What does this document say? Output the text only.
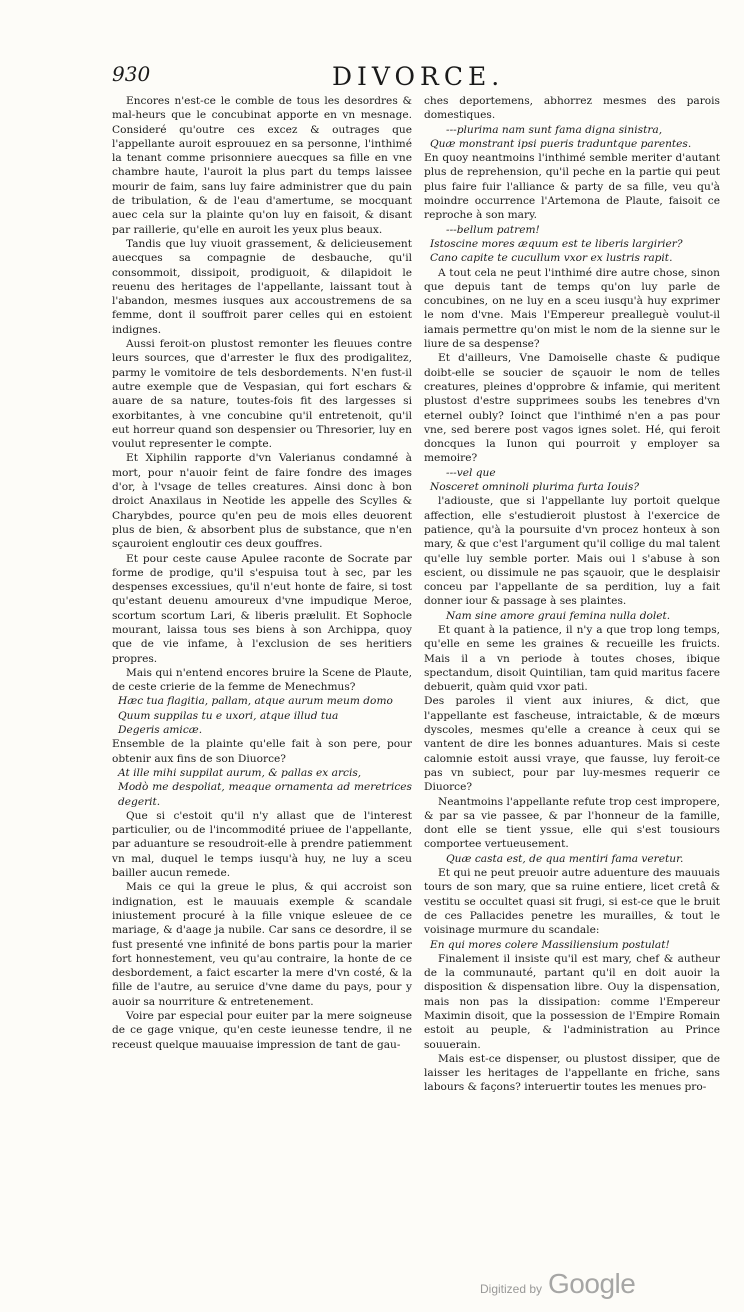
930	DIVORCE.

Encores n'est-ce le comble de tous les desordres & mal-heurs que le concubinat apporte en vn mesnage. Consideré qu'outre ces excez & outrages que l'appellante auroit esprouuez en sa personne, l'inthimé la tenant comme prisonniere auecques sa fille en vne chambre haute, l'auroit la plus part du temps laissee mourir de faim, sans luy faire administrer que du pain de tribulation, & de l'eau d'amertume, se mocquant auec cela sur la plainte qu'on luy en faisoit, & disant par raillerie, qu'elle en auroit les yeux plus beaux.

Tandis que luy viuoit grassement, & delicieusement auecques sa compagnie de desbauche, qu'il consommoit, dissipoit, prodiguoit, & dilapidoit le reuenu des heritages de l'appellante, laissant tout à l'abandon, mesmes iusques aux accoustremens de sa femme, dont il souffroit parer celles qui en estoient indignes.

Aussi feroit-on plustost remonter les fleuues contre leurs sources, que d'arrester le flux des prodigalitez, parmy le vomitoire de tels desbordements. N'en fust-il autre exemple que de Vespasian, qui fort eschars & auare de sa nature, toutes-fois fit des largesses si exorbitantes, à vne concubine qu'il entretenoit, qu'il eut horreur quand son despensier ou Thresorier, luy en voulut representer le compte.

Et Xiphilin rapporte d'vn Valerianus condamné à mort, pour n'auoir feint de faire fondre des images d'or, à l'vsage de telles creatures. Ainsi donc à bon droict Anaxilaus in Neotide les appelle des Scylles & Charybdes, pource qu'en peu de mois elles deuorent plus de bien, & absorbent plus de substance, que n'en sçauroient engloutir ces deux gouffres.

Et pour ceste cause Apulee raconte de Socrate par forme de prodige, qu'il s'espuisa tout à sec, par les despenses excessiues, qu'il n'eut honte de faire, si tost qu'estant deuenu amoureux d'vne impudique Meroe, scortum scortum Lari, & liberis prælulit. Et Sophocle mourant, laissa tous ses biens à son Archippa, quoy que de vie infame, à l'exclusion de ses heritiers propres.

Mais qui n'entend encores bruire la Scene de Plaute, de ceste crierie de la femme de Menechmus?

Hæc tua flagitia, pallam, atque aurum meum domo

Quum suppilas tu e uxori, atque illud tua

Degeris amicæ.

Ensemble de la plainte qu'elle fait à son pere, pour obtenir aux fins de son Diuorce?

At ille mihi suppilat aurum, & pallas ex arcis,

Modò me despoliat, meaque ornamenta ad meretrices degerit.

Que si c'estoit qu'il n'y allast que de l'interest particulier, ou de l'incommodité priuee de l'appellante, par aduanture se resoudroit-elle à prendre patiemment vn mal, duquel le temps iusqu'à huy, ne luy a sceu bailler aucun remede.

Mais ce qui la greue le plus, & qui accroist son indignation, est le mauuais exemple & scandale iniustement procuré à la fille vnique esleuee de ce mariage, & d'aage ja nubile. Car sans ce desordre, il se fust presenté vne infinité de bons partis pour la marier fort honnestement, veu qu'au contraire, la honte de ce desbordement, a faict escarter la mere d'vn costé, & la fille de l'autre, au seruice d'vne dame du pays, pour y auoir sa nourriture & entretenement.

Voire par especial pour euiter par la mere soigneuse de ce gage vnique, qu'en ceste ieunesse tendre, il ne receust quelque mauuaise impression de tant de gau-

ches deportemens, abhorrez mesmes des parois domestiques.

---plurima nam sunt fama digna sinistra,

Quæ monstrant ipsi pueris traduntque parentes.

En quoy neantmoins l'inthimé semble meriter d'autant plus de reprehension, qu'il peche en la partie qui peut plus faire fuir l'alliance & party de sa fille, veu qu'à moindre occurrence l'Artemona de Plaute, faisoit ce reproche à son mary.

---bellum patrem!

Istoscine mores æquum est te liberis largirier?

Cano capite te cucullum vxor ex lustris rapit.

A tout cela ne peut l'inthimé dire autre chose, sinon que depuis tant de temps qu'on luy parle de concubines, on ne luy en a sceu iusqu'à huy exprimer le nom d'vne. Mais l'Empereur prealleguè voulut-il iamais permettre qu'on mist le nom de la sienne sur le liure de sa despense?

Et d'ailleurs, Vne Damoiselle chaste & pudique doibt-elle se soucier de sçauoir le nom de telles creatures, pleines d'opprobre & infamie, qui meritent plustost d'estre supprimees soubs les tenebres d'vn eternel oubly? Ioinct que l'inthimé n'en a pas pour vne, sed berere post vagos ignes solet. Hé, qui feroit doncques la Iunon qui pourroit y employer sa memoire?

---vel que

Nosceret omninoli plurima furta Iouis?

l'adiouste, que si l'appellante luy portoit quelque affection, elle s'estudieroit plustost à l'exercice de patience, qu'à la poursuite d'vn procez honteux à son mary, & que c'est l'argument qu'il collige du mal talent qu'elle luy semble porter. Mais oui l s'abuse à son escient, ou dissimule ne pas sçauoir, que le desplaisir conceu par l'appellante de sa perdition, luy a fait donner iour & passage à ses plaintes.

Nam sine amore graui femina nulla dolet.

Et quant à la patience, il n'y a que trop long temps, qu'elle en seme les graines & recueille les fruicts. Mais il a vn periode à toutes choses, ibique spectandum, disoit Quintilian, tam quid maritus facere debuerit, quàm quid vxor pati.

Des paroles il vient aux iniures, & dict, que l'appellante est fascheuse, intraictable, & de mœurs dyscoles, mesmes qu'elle a creance à ceux qui se vantent de dire les bonnes aduantures. Mais si ceste calomnie estoit aussi vraye, que fausse, luy feroit-ce pas vn subiect, pour par luy-mesmes requerir ce Diuorce?

Neantmoins l'appellante refute trop cest impropere, & par sa vie passee, & par l'honneur de la famille, dont elle se tient yssue, elle qui s'est tousiours comportee vertueusement.

Quæ casta est, de qua mentiri fama veretur.

Et qui ne peut preuoir autre aduenture des mauuais tours de son mary, que sa ruine entiere, licet cretâ & vestitu se occultet quasi sit frugi, si est-ce que le bruit de ces Pallacides penetre les murailles, & tout le voisinage murmure du scandale:

En qui mores colere Massiliensium postulat!

Finalement il insiste qu'il est mary, chef & autheur de la communauté, partant qu'il en doit auoir la disposition & dispensation libre. Ouy la dispensation, mais non pas la dissipation: comme l'Empereur Maximin disoit, que la possession de l'Empire Romain estoit au peuple, & l'administration au Prince souuerain.

Mais est-ce dispenser, ou plustost dissiper, que de laisser les heritages de l'appellante en friche, sans labours & façons? interuertir toutes les menues pro-

Digitized by Google
